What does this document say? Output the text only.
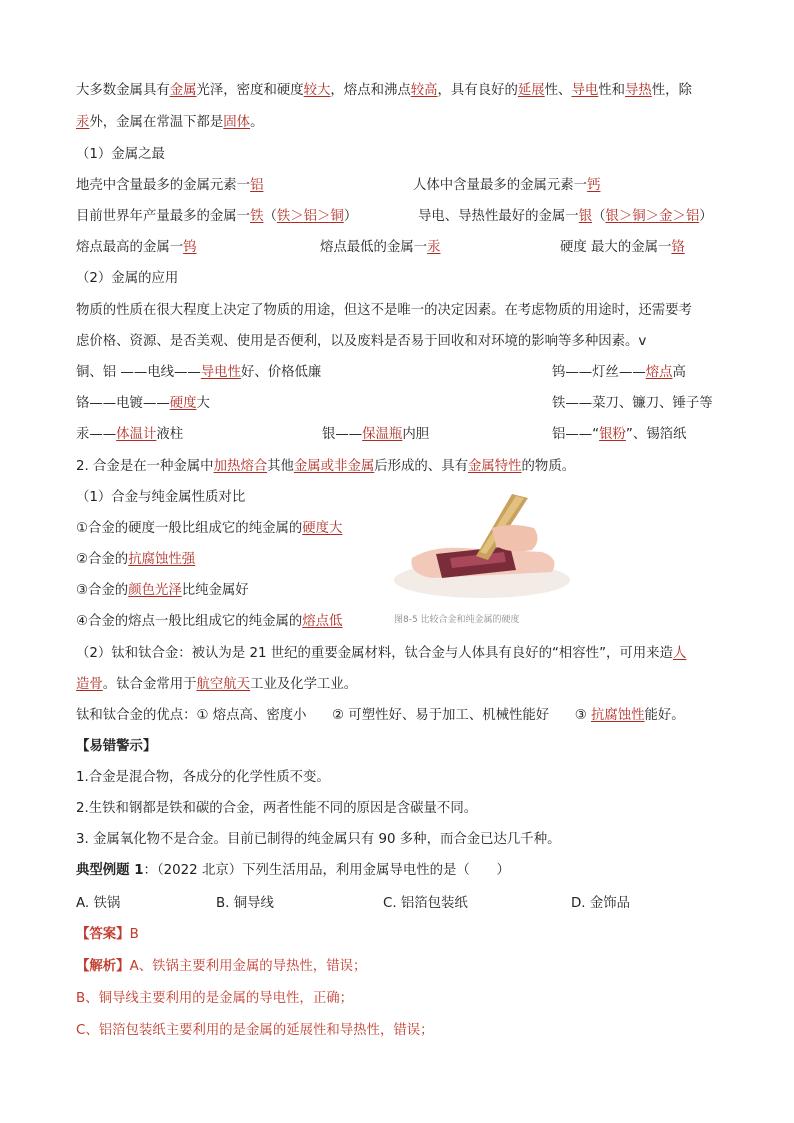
大多数金属具有金属光泽，密度和硬度较大，熔点和沸点较高，具有良好的延展性、导电性和导热性，除
汞外，金属在常温下都是固体。
（1）金属之最
地壳中含量最多的金属元素一铝	人体中含量最多的金属元素一钙
目前世界年产量最多的金属一铁（铁＞铝＞铜）	导电、导热性最好的金属一银（银＞铜＞金＞铝）
熔点最高的金属一钨	熔点最低的金属一汞	硬度 最大的金属一铬
（2）金属的应用
物质的性质在很大程度上决定了物质的用途，但这不是唯一的决定因素。在考虑物质的用途时，还需要考
虑价格、资源、是否美观、使用是否便利，以及废料是否易于回收和对环境的影响等多种因素。v
铜、铝 ——电线——导电性好、价格低廉	钨——灯丝——熔点高
铬——电镀——硬度大	铁——菜刀、镰刀、锤子等
汞——体温计液柱	银——保温瓶内胆	铝——“银粉”、锡箔纸
2. 合金是在一种金属中加热熔合其他金属或非金属后形成的、具有金属特性的物质。
（1）合金与纯金属性质对比
①合金的硬度一般比组成它的纯金属的硬度大
②合金的抗腐蚀性强
③合金的颜色光泽比纯金属好
④合金的熔点一般比组成它的纯金属的熔点低	图8-5 比较合金和纯金属的硬度
（2）钛和钛合金：被认为是 21 世纪的重要金属材料，钛合金与人体具有良好的“相容性”，可用来造人
造骨。钛合金常用于航空航天工业及化学工业。
钛和钛合金的优点：① 熔点高、密度小      ② 可塑性好、易于加工、机械性能好      ③ 抗腐蚀性能好。
【易错警示】
1.合金是混合物，各成分的化学性质不变。
2.生铁和钢都是铁和碳的合金，两者性能不同的原因是含碳量不同。
3. 金属氧化物不是合金。目前已制得的纯金属只有 90 多种，而合金已达几千种。
典型例题 1：（2022 北京）下列生活用品，利用金属导电性的是（　　）
A. 铁锅	B. 铜导线	C. 铝箔包装纸	D. 金饰品
【答案】B
【解析】A、铁锅主要利用金属的导热性，错误；
B、铜导线主要利用的是金属的导电性，正确；
C、铝箔包装纸主要利用的是金属的延展性和导热性，错误；
